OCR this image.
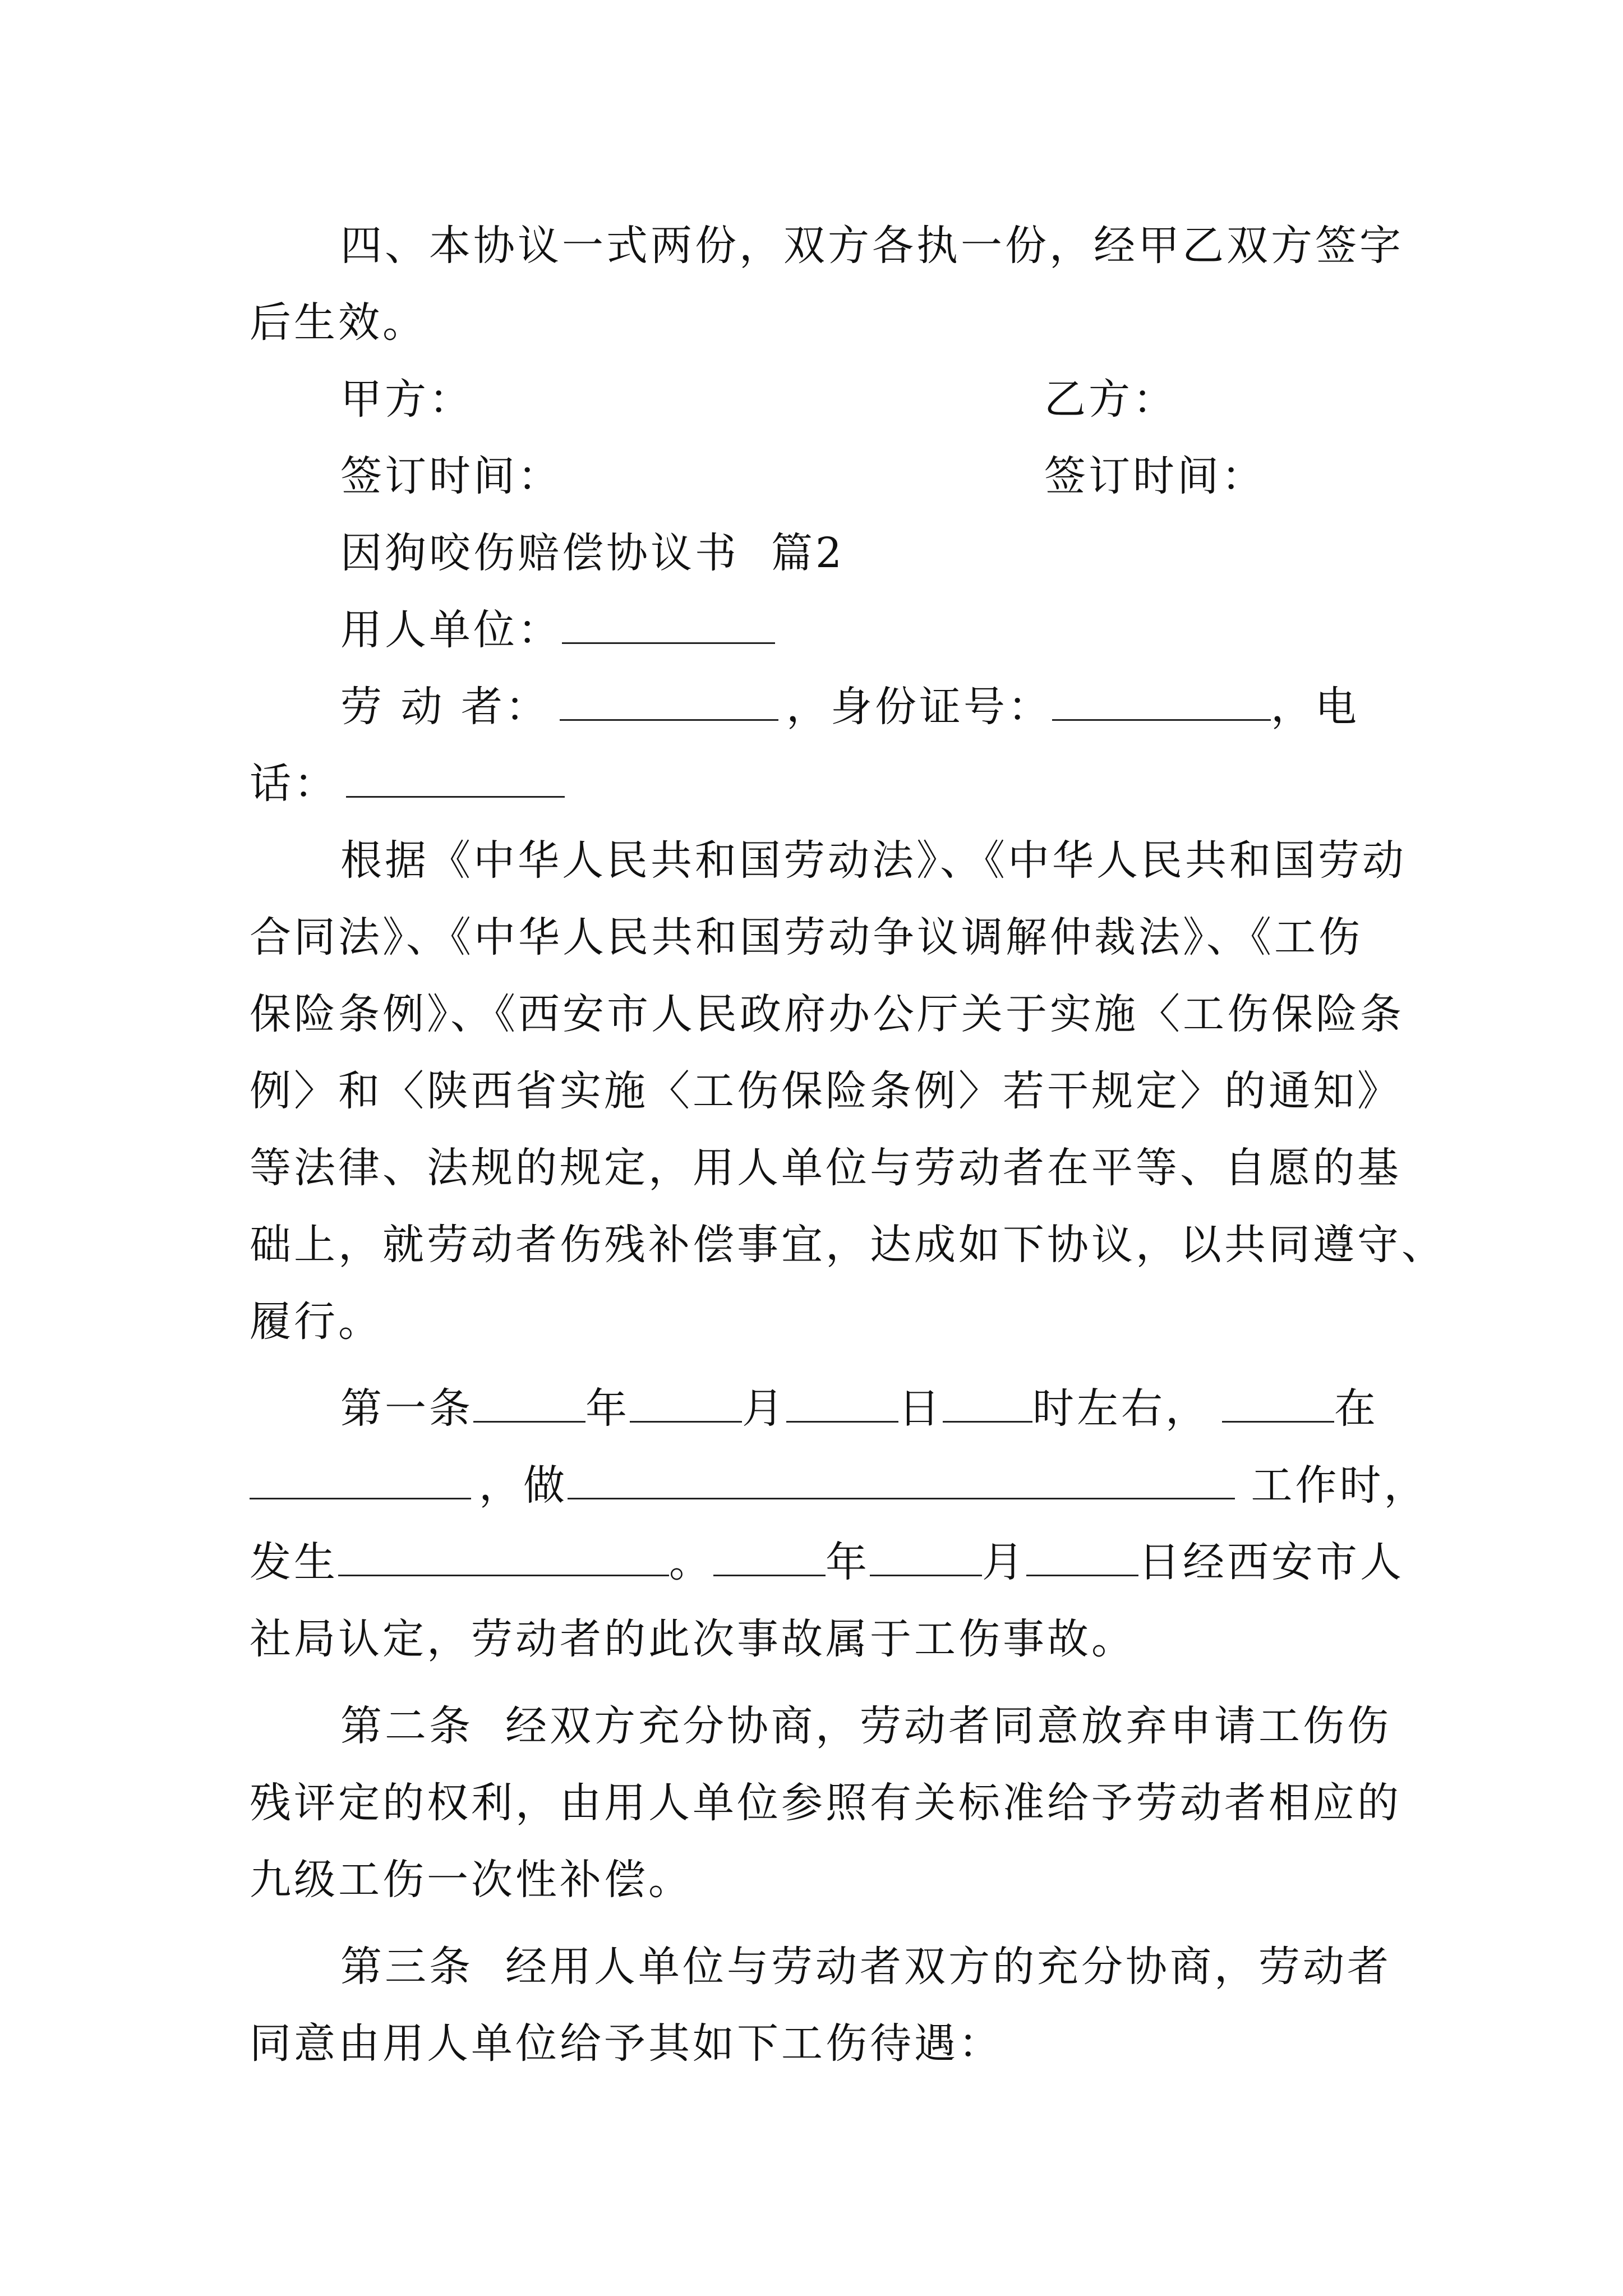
四、本协议一式两份，双方各执一份，经甲乙双方签字
后生效。
甲方：	乙方：
签订时间：	签订时间：
因狗咬伤赔偿协议书  篇2
用人单位：
劳 动 者：	，身份证号：	，电
话：
根据《中华人民共和国劳动法》、《中华人民共和国劳动
合同法》、《中华人民共和国劳动争议调解仲裁法》、《工伤
保险条例》、《西安市人民政府办公厅关于实施〈工伤保险条
例〉和〈陕西省实施〈工伤保险条例〉若干规定〉的通知》
等法律、法规的规定，用人单位与劳动者在平等、自愿的基
础上，就劳动者伤残补偿事宜，达成如下协议，以共同遵守、
履行。
第一条	年	月	日 时左右，	在
，做	工作时，
发生	。	年	月	日经西安市人
社局认定，劳动者的此次事故属于工伤事故。
第二条  经双方充分协商，劳动者同意放弃申请工伤伤
残评定的权利，由用人单位参照有关标准给予劳动者相应的
九级工伤一次性补偿。
第三条  经用人单位与劳动者双方的充分协商，劳动者
同意由用人单位给予其如下工伤待遇：
